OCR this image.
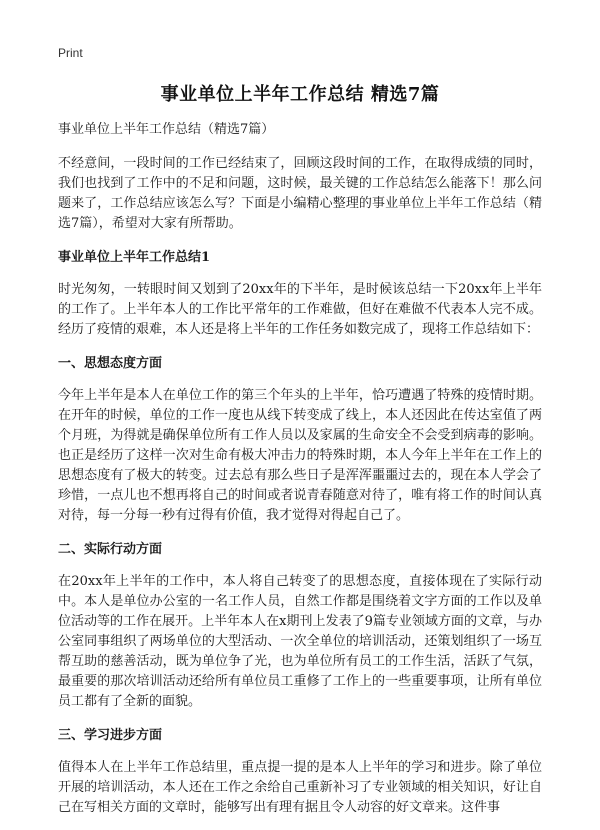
Print
事业单位上半年工作总结 精选7篇

事业单位上半年工作总结（精选7篇）

不经意间，一段时间的工作已经结束了，回顾这段时间的工作，在取得成绩的同时，我们也找到了工作中的不足和问题，这时候，最关键的工作总结怎么能落下！那么问题来了，工作总结应该怎么写？下面是小编精心整理的事业单位上半年工作总结（精选7篇），希望对大家有所帮助。

事业单位上半年工作总结1

时光匆匆，一转眼时间又划到了20xx年的下半年，是时候该总结一下20xx年上半年的工作了。上半年本人的工作比平常年的工作难做，但好在难做不代表本人完不成。经历了疫情的艰难，本人还是将上半年的工作任务如数完成了，现将工作总结如下：

一、思想态度方面

今年上半年是本人在单位工作的第三个年头的上半年，恰巧遭遇了特殊的疫情时期。在开年的时候，单位的工作一度也从线下转变成了线上，本人还因此在传达室值了两个月班，为得就是确保单位所有工作人员以及家属的生命安全不会受到病毒的影响。也正是经历了这样一次对生命有极大冲击力的特殊时期，本人今年上半年在工作上的思想态度有了极大的转变。过去总有那么些日子是浑浑噩噩过去的，现在本人学会了珍惜，一点儿也不想再将自己的时间或者说青春随意对待了，唯有将工作的时间认真对待，每一分每一秒有过得有价值，我才觉得对得起自己了。

二、实际行动方面

在20xx年上半年的工作中，本人将自己转变了的思想态度，直接体现在了实际行动中。本人是单位办公室的一名工作人员，自然工作都是围绕着文字方面的工作以及单位活动等的工作在展开。上半年本人在x期刊上发表了9篇专业领域方面的文章，与办公室同事组织了两场单位的大型活动、一次全单位的培训活动，还策划组织了一场互帮互助的慈善活动，既为单位争了光，也为单位所有员工的工作生活，活跃了气氛，最重要的那次培训活动还给所有单位员工重修了工作上的一些重要事项，让所有单位员工都有了全新的面貌。

三、学习进步方面

值得本人在上半年工作总结里，重点提一提的是本人上半年的学习和进步。除了单位开展的培训活动，本人还在工作之余给自己重新补习了专业领域的相关知识，好让自己在写相关方面的文章时，能够写出有理有据且令人动容的好文章来。这件事
